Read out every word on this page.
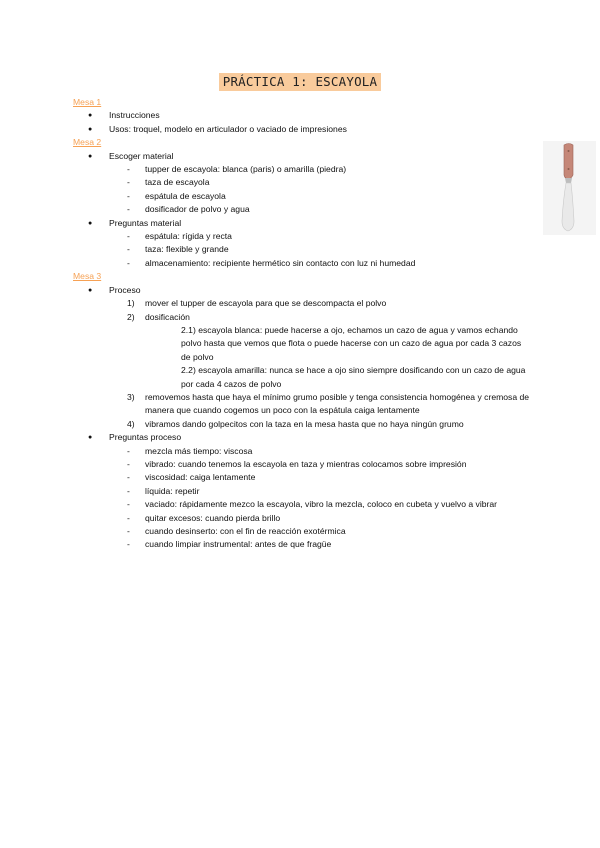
PRÁCTICA 1: ESCAYOLA

Mesa 1

● Instrucciones
● Usos: troquel, modelo en articulador o vaciado de impresiones

Mesa 2

● Escoger material
- tupper de escayola: blanca (paris) o amarilla (piedra)
- taza de escayola
- espátula de escayola
- dosificador de polvo y agua
● Preguntas material
- espátula: rígida y recta
- taza: flexible y grande
- almacenamiento: recipiente hermético sin contacto con luz ni humedad

Mesa 3

● Proceso
1) mover el tupper de escayola para que se descompacta el polvo
2) dosificación
2.1) escayola blanca: puede hacerse a ojo, echamos un cazo de agua y vamos echando polvo hasta que vemos que flota o puede hacerse con un cazo de agua por cada 3 cazos de polvo
2.2) escayola amarilla: nunca se hace a ojo sino siempre dosificando con un cazo de agua por cada 4 cazos de polvo
3) removemos hasta que haya el mínimo grumo posible y tenga consistencia homogénea y cremosa de manera que cuando cogemos un poco con la espátula caiga lentamente
4) vibramos dando golpecitos con la taza en la mesa hasta que no haya ningún grumo
● Preguntas proceso
- mezcla más tiempo: viscosa
- vibrado: cuando tenemos la escayola en taza y mientras colocamos sobre impresión
- viscosidad: caiga lentamente
- líquida: repetir
- vaciado: rápidamente mezco la escayola, vibro la mezcla, coloco en cubeta y vuelvo a vibrar
- quitar excesos: cuando pierda brillo
- cuando desinserto: con el fin de reacción exotérmica
- cuando limpiar instrumental: antes de que fragüe
